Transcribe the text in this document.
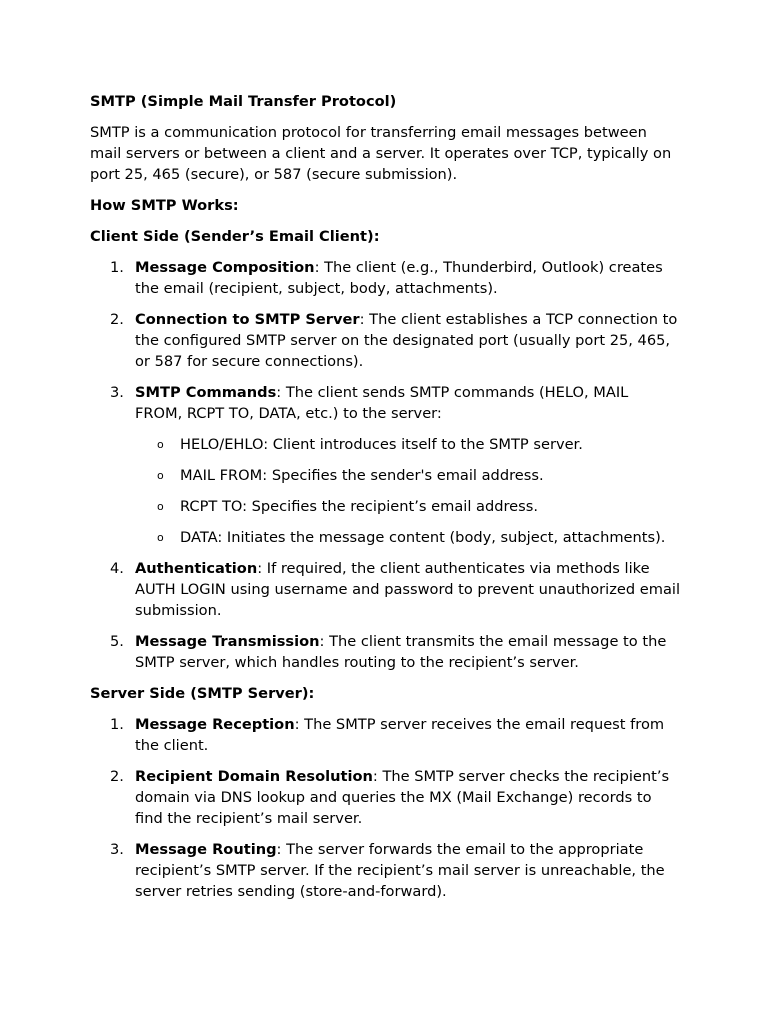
SMTP (Simple Mail Transfer Protocol)

SMTP is a communication protocol for transferring email messages between mail servers or between a client and a server. It operates over TCP, typically on port 25, 465 (secure), or 587 (secure submission).

How SMTP Works:

Client Side (Sender’s Email Client):

1. Message Composition: The client (e.g., Thunderbird, Outlook) creates the email (recipient, subject, body, attachments).
2. Connection to SMTP Server: The client establishes a TCP connection to the configured SMTP server on the designated port (usually port 25, 465, or 587 for secure connections).
3. SMTP Commands: The client sends SMTP commands (HELO, MAIL FROM, RCPT TO, DATA, etc.) to the server:
o HELO/EHLO: Client introduces itself to the SMTP server.
o MAIL FROM: Specifies the sender's email address.
o RCPT TO: Specifies the recipient’s email address.
o DATA: Initiates the message content (body, subject, attachments).
4. Authentication: If required, the client authenticates via methods like AUTH LOGIN using username and password to prevent unauthorized email submission.
5. Message Transmission: The client transmits the email message to the SMTP server, which handles routing to the recipient’s server.

Server Side (SMTP Server):

1. Message Reception: The SMTP server receives the email request from the client.
2. Recipient Domain Resolution: The SMTP server checks the recipient’s domain via DNS lookup and queries the MX (Mail Exchange) records to find the recipient’s mail server.
3. Message Routing: The server forwards the email to the appropriate recipient’s SMTP server. If the recipient’s mail server is unreachable, the server retries sending (store-and-forward).
